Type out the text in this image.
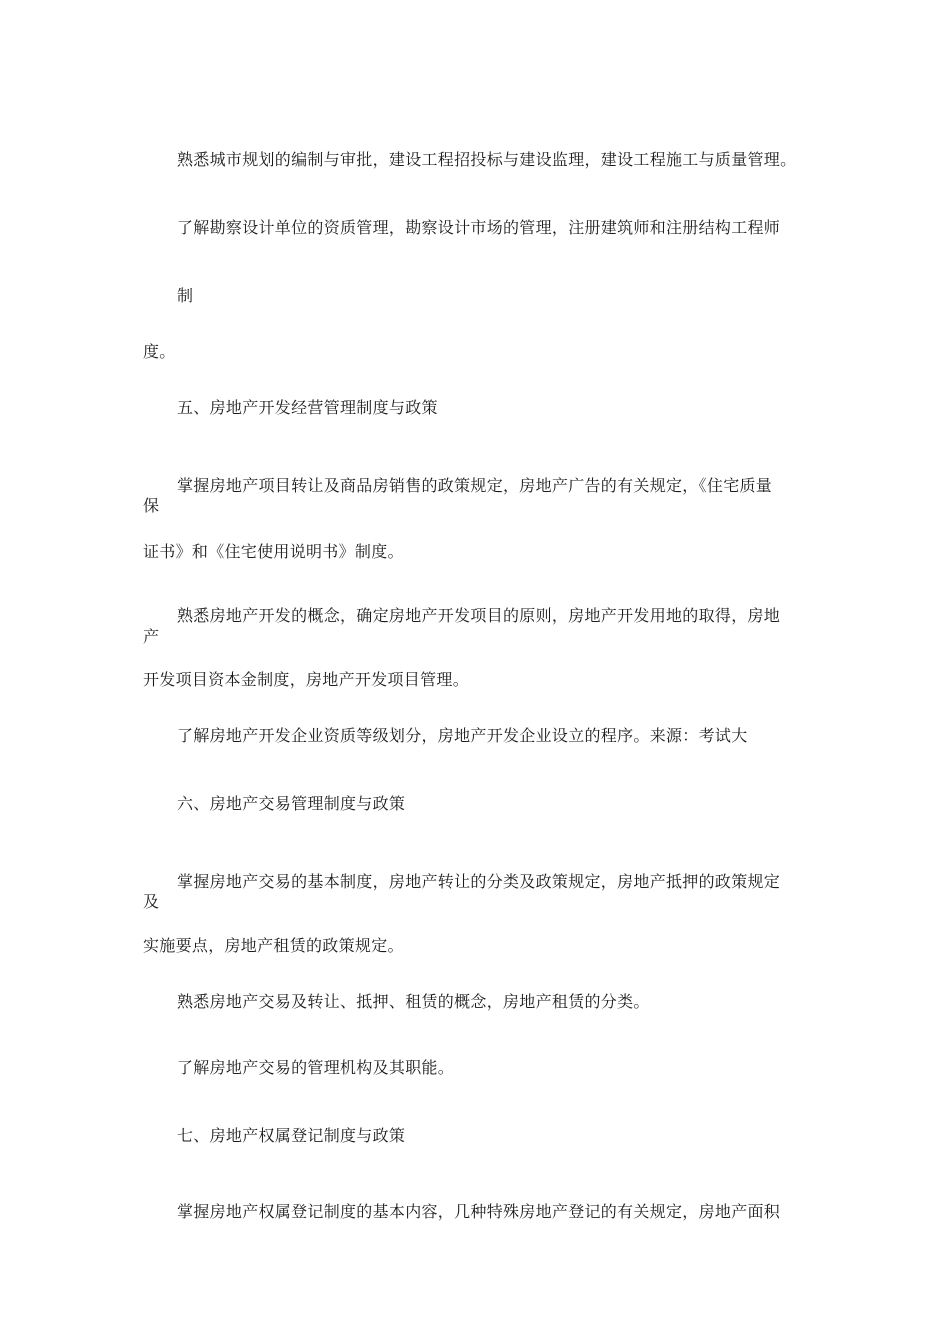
熟悉城市规划的编制与审批，建设工程招投标与建设监理，建设工程施工与质量管理。

了解勘察设计单位的资质管理，勘察设计市场的管理，注册建筑师和注册结构工程师

制

度。

五、房地产开发经营管理制度与政策

掌握房地产项目转让及商品房销售的政策规定，房地产广告的有关规定，《住宅质量

保

证书》和《住宅使用说明书》制度。

熟悉房地产开发的概念，确定房地产开发项目的原则，房地产开发用地的取得，房地

产

开发项目资本金制度，房地产开发项目管理。

了解房地产开发企业资质等级划分，房地产开发企业设立的程序。来源：考试大

六、房地产交易管理制度与政策

掌握房地产交易的基本制度，房地产转让的分类及政策规定，房地产抵押的政策规定

及

实施要点，房地产租赁的政策规定。

熟悉房地产交易及转让、抵押、租赁的概念，房地产租赁的分类。

了解房地产交易的管理机构及其职能。

七、房地产权属登记制度与政策

掌握房地产权属登记制度的基本内容，几种特殊房地产登记的有关规定，房地产面积
